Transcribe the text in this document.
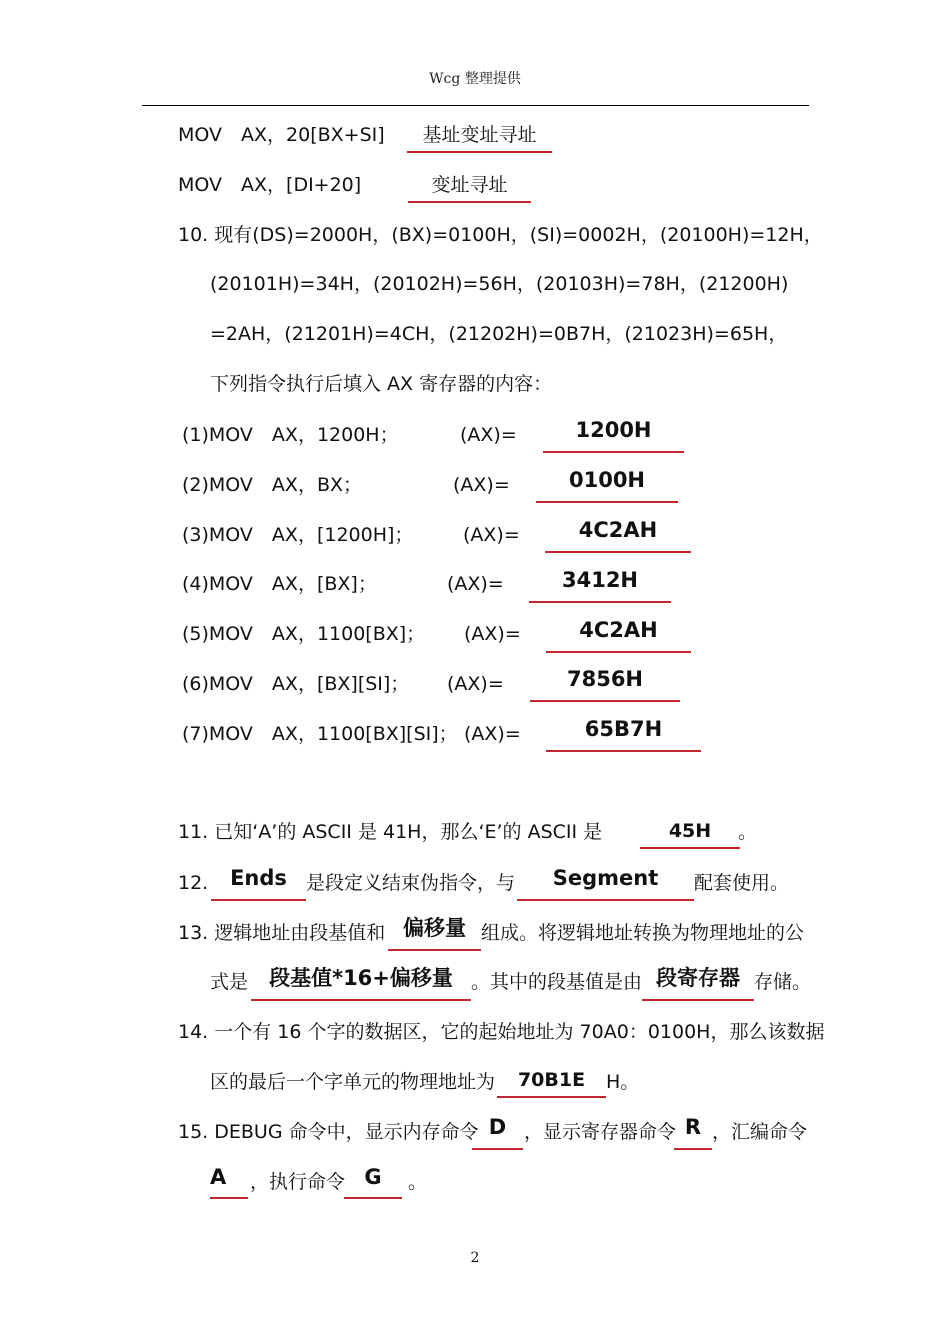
Wcg 整理提供
MOV　AX，20[BX+SI]	基址变址寻址
MOV　AX，[DI+20]	变址寻址
10. 现有(DS)=2000H，(BX)=0100H，(SI)=0002H，(20100H)=12H，
(20101H)=34H，(20102H)=56H，(20103H)=78H，(21200H)
=2AH，(21201H)=4CH，(21202H)=0B7H，(21023H)=65H，
下列指令执行后填入 AX 寄存器的内容：
(1)MOV　AX，1200H；	(AX)=	1200H
(2)MOV　AX，BX；	(AX)=	0100H
(3)MOV　AX，[1200H]；	(AX)=	4C2AH
(4)MOV　AX，[BX]；	(AX)=	3412H
(5)MOV　AX，1100[BX]； (AX)=	4C2AH
(6)MOV　AX，[BX][SI]； (AX)=	7856H
(7)MOV　AX，1100[BX][SI]； (AX)=	65B7H
11. 已知‘A’的 ASCII 是 41H，那么‘E’的 ASCII 是	45H	。
12.	Ends	是段定义结束伪指令，与	Segment	配套使用。
13. 逻辑地址由段基值和 偏移量 组成。将逻辑地址转换为物理地址的公
式是	段基值*16+偏移量 。其中的段基值是由 段寄存器 存储。
14. 一个有 16 个字的数据区，它的起始地址为 70A0：0100H，那么该数据
区的最后一个字单元的物理地址为	70B1E	H。
15. DEBUG 命令中，显示内存命令 D ，显示寄存器命令 R ，汇编命令
A	，执行命令 G	。
2
